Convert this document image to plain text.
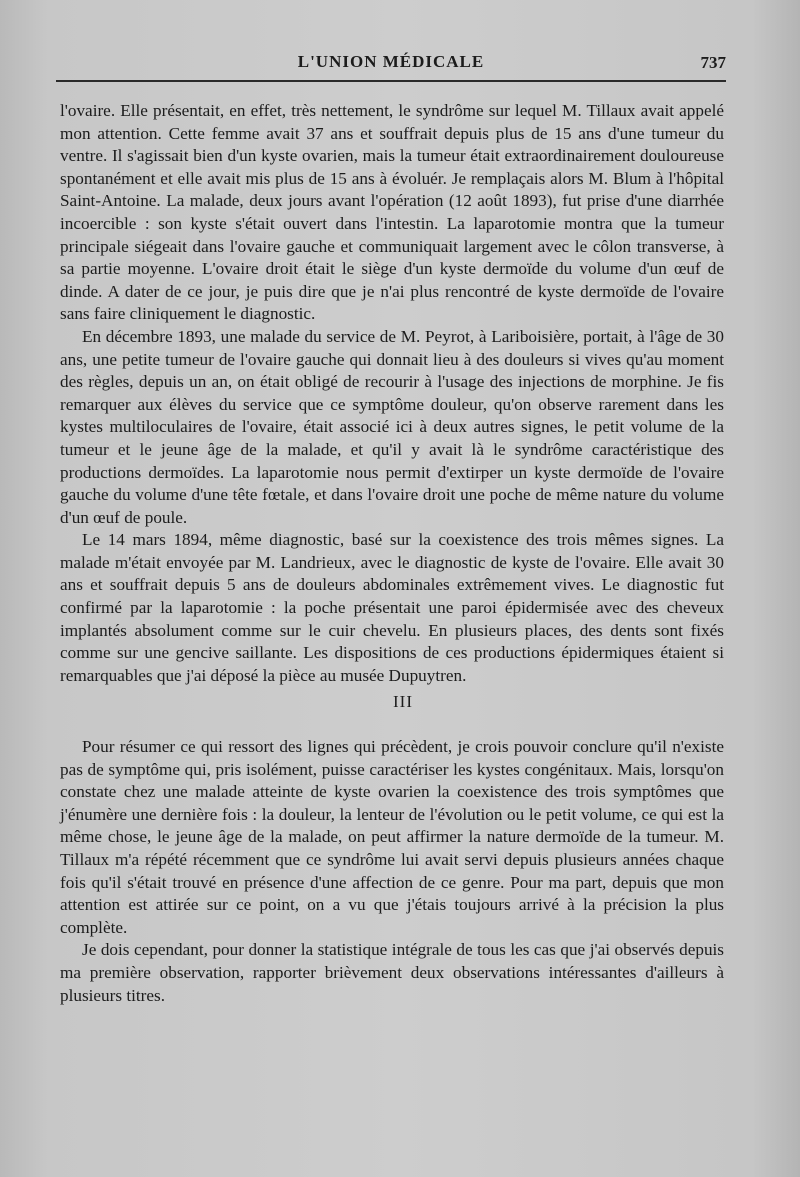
L'UNION MÉDICALE	737

l'ovaire. Elle présentait, en effet, très nettement, le syndrôme sur lequel M. Tillaux avait appelé mon attention. Cette femme avait 37 ans et souffrait depuis plus de 15 ans d'une tumeur du ventre. Il s'agissait bien d'un kyste ovarien, mais la tumeur était extraordinairement douloureuse spontanément et elle avait mis plus de 15 ans à évoluér. Je remplaçais alors M. Blum à l'hôpital Saint-Antoine. La malade, deux jours avant l'opération (12 août 1893), fut prise d'une diarrhée incoercible : son kyste s'était ouvert dans l'intestin. La laparotomie montra que la tumeur principale siégeait dans l'ovaire gauche et communiquait largement avec le côlon transverse, à sa partie moyenne. L'ovaire droit était le siège d'un kyste dermoïde du volume d'un œuf de dinde. A dater de ce jour, je puis dire que je n'ai plus rencontré de kyste dermoïde de l'ovaire sans faire cliniquement le diagnostic.

En décembre 1893, une malade du service de M. Peyrot, à Lariboisière, portait, à l'âge de 30 ans, une petite tumeur de l'ovaire gauche qui donnait lieu à des douleurs si vives qu'au moment des règles, depuis un an, on était obligé de recourir à l'usage des injections de morphine. Je fis remarquer aux élèves du service que ce symptôme douleur, qu'on observe rarement dans les kystes multiloculaires de l'ovaire, était associé ici à deux autres signes, le petit volume de la tumeur et le jeune âge de la malade, et qu'il y avait là le syndrôme caractéristique des productions dermoïdes. La laparotomie nous permit d'extirper un kyste dermoïde de l'ovaire gauche du volume d'une tête fœtale, et dans l'ovaire droit une poche de même nature du volume d'un œuf de poule.

Le 14 mars 1894, même diagnostic, basé sur la coexistence des trois mêmes signes. La malade m'était envoyée par M. Landrieux, avec le diagnostic de kyste de l'ovaire. Elle avait 30 ans et souffrait depuis 5 ans de douleurs abdominales extrêmement vives. Le diagnostic fut confirmé par la laparotomie : la poche présentait une paroi épidermisée avec des cheveux implantés absolument comme sur le cuir chevelu. En plusieurs places, des dents sont fixés comme sur une gencive saillante. Les dispositions de ces productions épidermiques étaient si remarquables que j'ai déposé la pièce au musée Dupuytren.

III

Pour résumer ce qui ressort des lignes qui précèdent, je crois pouvoir conclure qu'il n'existe pas de symptôme qui, pris isolément, puisse caractériser les kystes congénitaux. Mais, lorsqu'on constate chez une malade atteinte de kyste ovarien la coexistence des trois symptômes que j'énumère une dernière fois : la douleur, la lenteur de l'évolution ou le petit volume, ce qui est la même chose, le jeune âge de la malade, on peut affirmer la nature dermoïde de la tumeur. M. Tillaux m'a répété récemment que ce syndrôme lui avait servi depuis plusieurs années chaque fois qu'il s'était trouvé en présence d'une affection de ce genre. Pour ma part, depuis que mon attention est attirée sur ce point, on a vu que j'étais toujours arrivé à la précision la plus complète.

Je dois cependant, pour donner la statistique intégrale de tous les cas que j'ai observés depuis ma première observation, rapporter brièvement deux observations intéressantes d'ailleurs à plusieurs titres.
